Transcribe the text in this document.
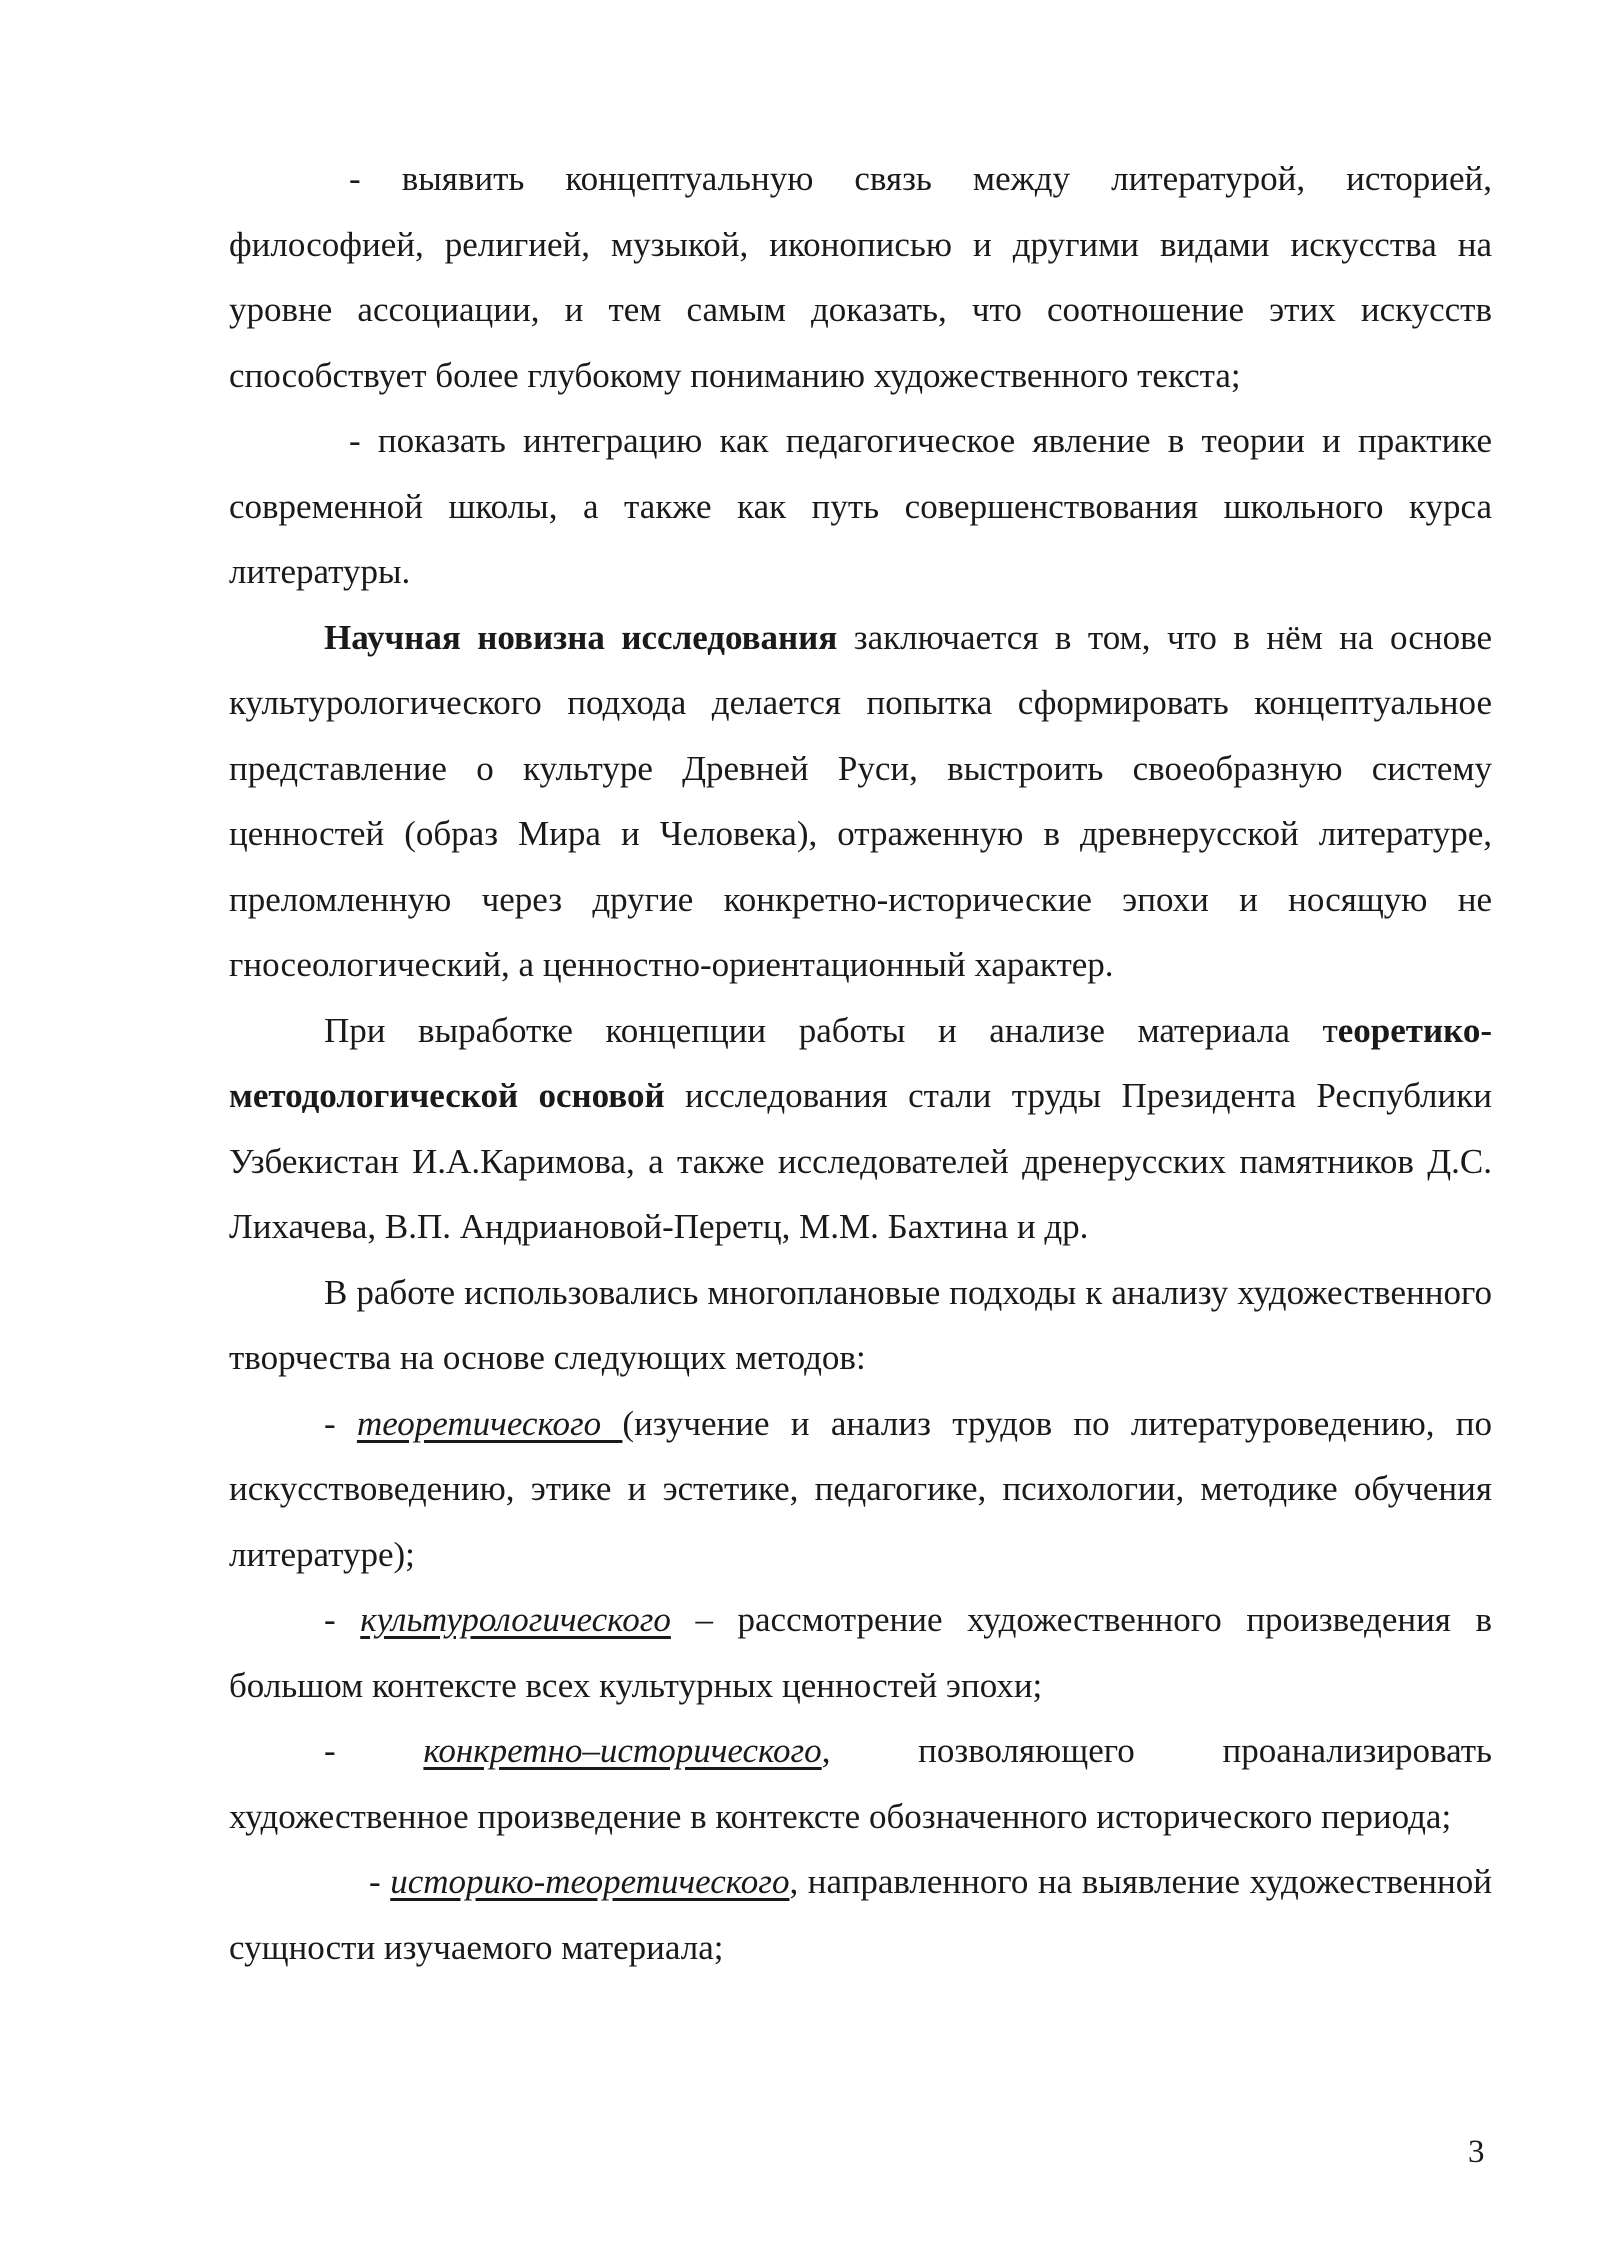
- выявить концептуальную связь между литературой, историей, философией, религией, музыкой, иконописью и другими видами искусства на уровне ассоциации, и тем самым доказать, что соотношение этих искусств способствует более глубокому пониманию художественного текста;

- показать интеграцию как педагогическое явление в теории и практике современной школы, а также как путь совершенствования школьного курса литературы.

Научная новизна исследования заключается в том, что в нём на основе культурологического подхода делается попытка сформировать концептуальное представление о культуре Древней Руси, выстроить своеобразную систему ценностей (образ Мира и Человека), отраженную в древнерусской литературе, преломленную через другие конкретно-исторические эпохи и носящую не гносеологический, а ценностно-ориентационный характер.

При выработке концепции работы и анализе материала теоретико-методологической основой исследования стали труды Президента Республики Узбекистан И.А.Каримова, а также исследователей дренерусских памятников Д.С. Лихачева, В.П. Андриановой-Перетц, М.М. Бахтина и др.

В работе использовались многоплановые подходы к анализу художественного творчества на основе следующих методов:

- теоретического (изучение и анализ трудов по литературоведению, по искусствоведению, этике и эстетике, педагогике, психологии, методике обучения литературе);

- культурологического – рассмотрение художественного произведения в большом контексте всех культурных ценностей эпохи;

- конкретно–исторического, позволяющего проанализировать художественное произведение в контексте обозначенного исторического периода;

- историко-теоретического, направленного на выявление художественной сущности изучаемого материала;

3
